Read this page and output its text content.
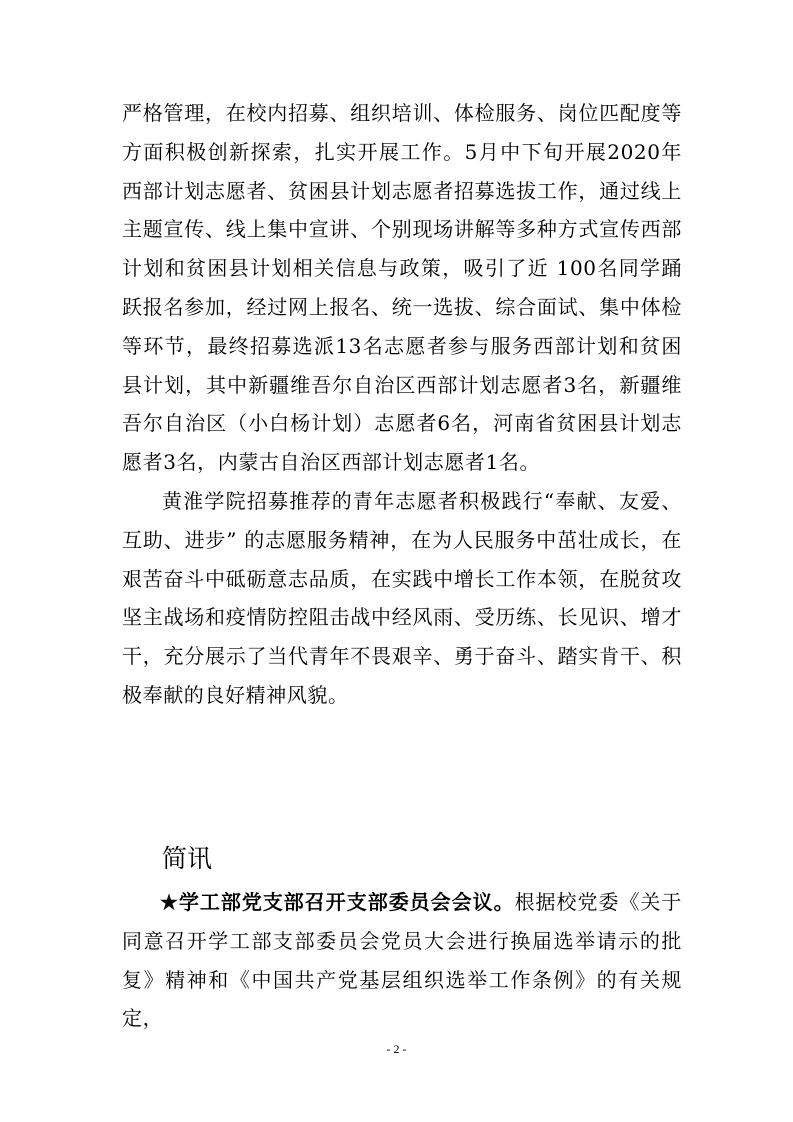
严格管理，在校内招募、组织培训、体检服务、岗位匹配度等方面积极创新探索，扎实开展工作。5月中下旬开展2020年西部计划志愿者、贫困县计划志愿者招募选拔工作，通过线上主题宣传、线上集中宣讲、个别现场讲解等多种方式宣传西部计划和贫困县计划相关信息与政策，吸引了近 100名同学踊跃报名参加，经过网上报名、统一选拔、综合面试、集中体检等环节，最终招募选派13名志愿者参与服务西部计划和贫困县计划，其中新疆维吾尔自治区西部计划志愿者3名，新疆维吾尔自治区（小白杨计划）志愿者6名，河南省贫困县计划志愿者3名，内蒙古自治区西部计划志愿者1名。

黄淮学院招募推荐的青年志愿者积极践行“奉献、友爱、互助、进步” 的志愿服务精神，在为人民服务中茁壮成长，在艰苦奋斗中砥砺意志品质，在实践中增长工作本领，在脱贫攻坚主战场和疫情防控阻击战中经风雨、受历练、长见识、增才干，充分展示了当代青年不畏艰辛、勇于奋斗、踏实肯干、积极奉献的良好精神风貌。

简讯

★学工部党支部召开支部委员会会议。根据校党委《关于同意召开学工部支部委员会党员大会进行换届选举请示的批复》精神和《中国共产党基层组织选举工作条例》的有关规定，

- 2 -
